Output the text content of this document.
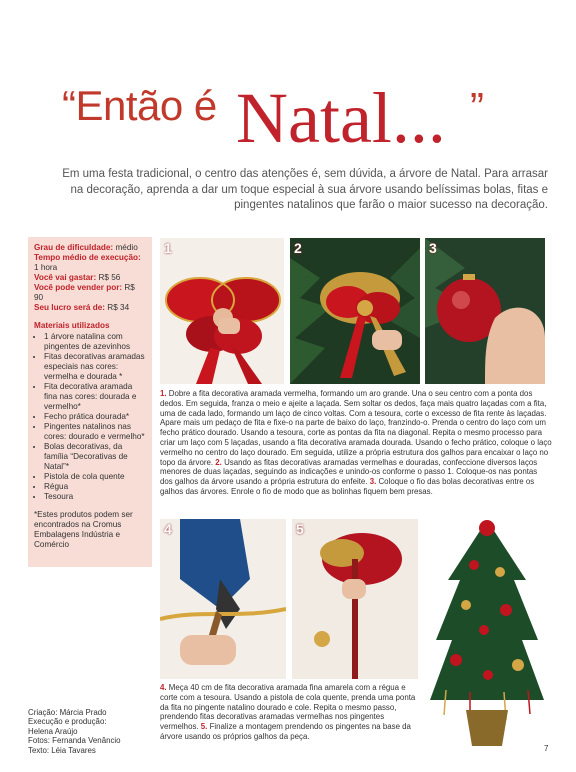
“Então é Natal... ”
Em uma festa tradicional, o centro das atenções é, sem dúvida, a árvore de Natal. Para arrasar na decoração, aprenda a dar um toque especial à sua árvore usando belíssimas bolas, fitas e pingentes natalinos que farão o maior sucesso na decoração.
Grau de dificuldade: médio
Tempo médio de execução:
1 hora
Você vai gastar: R$ 56
Você pode vender por: R$ 90
Seu lucro será de: R$ 34
Materiais utilizados
• 1 árvore natalina com pingentes de azevinhos
• Fitas decorativas aramadas especiais nas cores: vermelha e dourada *
• Fita decorativa aramada fina nas cores: dourada e vermelho*
• Fecho prática dourada*
• Pingentes natalinos nas cores: dourado e vermelho*
• Bolas decorativas, da família “Decorativas de Natal”*
• Pistola de cola quente
• Régua
• Tesoura
*Estes produtos podem ser encontrados na Cromus Embalagens Indústria e Comércio
1	2	3
1. Dobre a fita decorativa aramada vermelha, formando um aro grande. Una o seu centro com a ponta dos dedos. Em seguida, franza o meio e ajeite a laçada. Sem soltar os dedos, faça mais quatro laçadas com a fita, uma de cada lado, formando um laço de cinco voltas. Com a tesoura, corte o excesso de fita rente às laçadas. Apare mais um pedaço de fita e fixe-o na parte de baixo do laço, franzindo-o. Prenda o centro do laço com um fecho prático dourado. Usando a tesoura, corte as pontas da fita na diagonal. Repita o mesmo processo para criar um laço com 5 laçadas, usando a fita decorativa aramada dourada. Usando o fecho prático, coloque o laço vermelho no centro do laço dourado. Em seguida, utilize a própria estrutura dos galhos para encaixar o laço no topo da árvore. 2. Usando as fitas decorativas aramadas vermelhas e douradas, confeccione diversos laços menores de duas laçadas, seguindo as indicações e unindo-os conforme o passo 1. Coloque-os nas pontas dos galhos da árvore usando a própria estrutura do enfeite. 3. Coloque o fio das bolas decorativas entre os galhos das árvores. Enrole o fio de modo que as bolinhas fiquem bem presas.
4	5
4. Meça 40 cm de fita decorativa aramada fina amarela com a régua e corte com a tesoura. Usando a pistola de cola quente, prenda uma ponta da fita no pingente natalino dourado e cole. Repita o mesmo passo, prendendo fitas decorativas aramadas vermelhas nos pingentes vermelhos. 5. Finalize a montagem prendendo os pingentes na base da árvore usando os próprios galhos da peça.
Criação: Márcia Prado
Execução e produção:
Helena Araújo
Fotos: Fernanda Venâncio
Texto: Léia Tavares	7
